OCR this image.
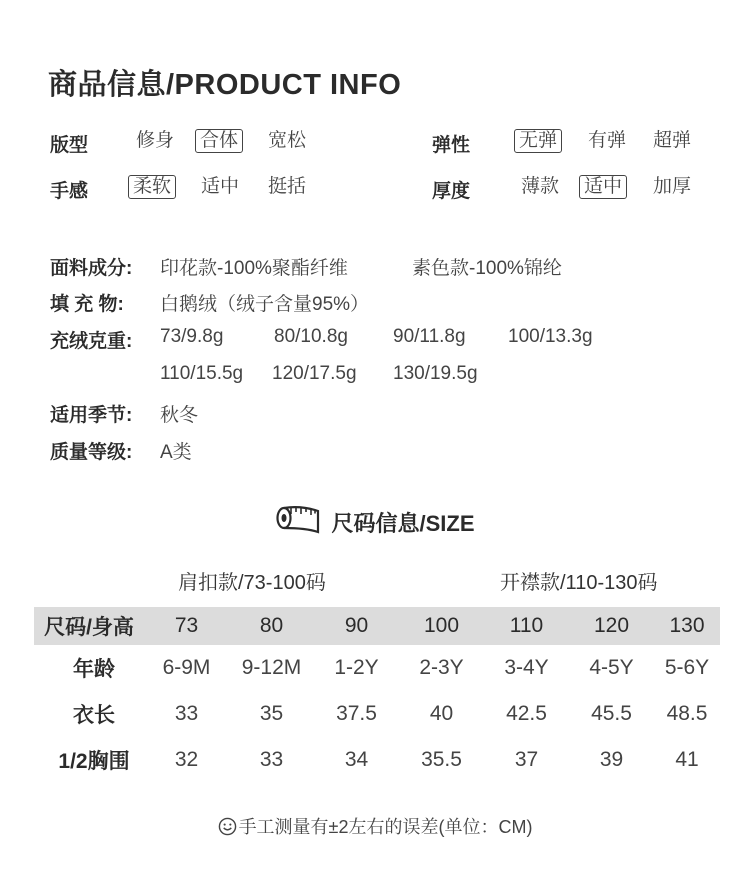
商品信息/PRODUCT INFO
版型	修身 合体 宽松	弹性	无弹 有弹 超弹
手感 柔软 适中 挺括	厚度	薄款 适中 加厚
面料成分: 印花款-100%聚酯纤维	素色款-100%锦纶
填 充 物: 白鹅绒（绒子含量95%）
充绒克重: 73/9.8g	80/10.8g 90/11.8g 100/13.3g
110/15.5g 120/17.5g 130/19.5g
适用季节: 秋冬
质量等级: A类
尺码信息/SIZE
肩扣款/73-100码	开襟款/110-130码
尺码/身高	73	80	90	100	110	120	130
年龄	6-9M	9-12M	1-2Y	2-3Y	3-4Y	4-5Y	5-6Y
衣长	33	35	37.5	40	42.5	45.5	48.5
1/2胸围	32	33	34	35.5	37	39	41
手工测量有±2左右的误差(单位：CM)
